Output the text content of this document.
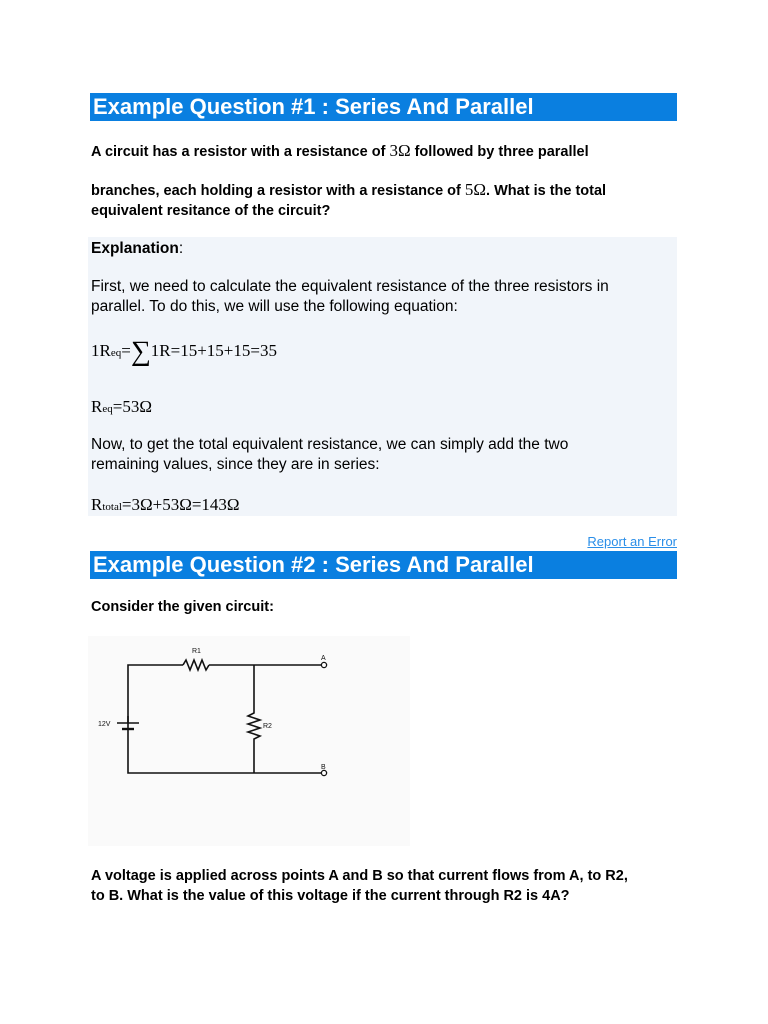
Example Question #1 : Series And Parallel

A circuit has a resistor with a resistance of 3Ω followed by three parallel

branches, each holding a resistor with a resistance of 5Ω. What is the total

equivalent resitance of the circuit?

Explanation:

First, we need to calculate the equivalent resistance of the three resistors in

parallel. To do this, we will use the following equation:

1Req=∑1R=15+15+15=35

Req=53Ω

Now, to get the total equivalent resistance, we can simply add the two

remaining values, since they are in series:

Rtotal=3Ω+53Ω=143Ω

Report an Error
Example Question #2 : Series And Parallel

Consider the given circuit:

R1
R2
12V
A
B

A voltage is applied across points A and B so that current flows from A, to R2,

to B. What is the value of this voltage if the current through R2 is 4A?
